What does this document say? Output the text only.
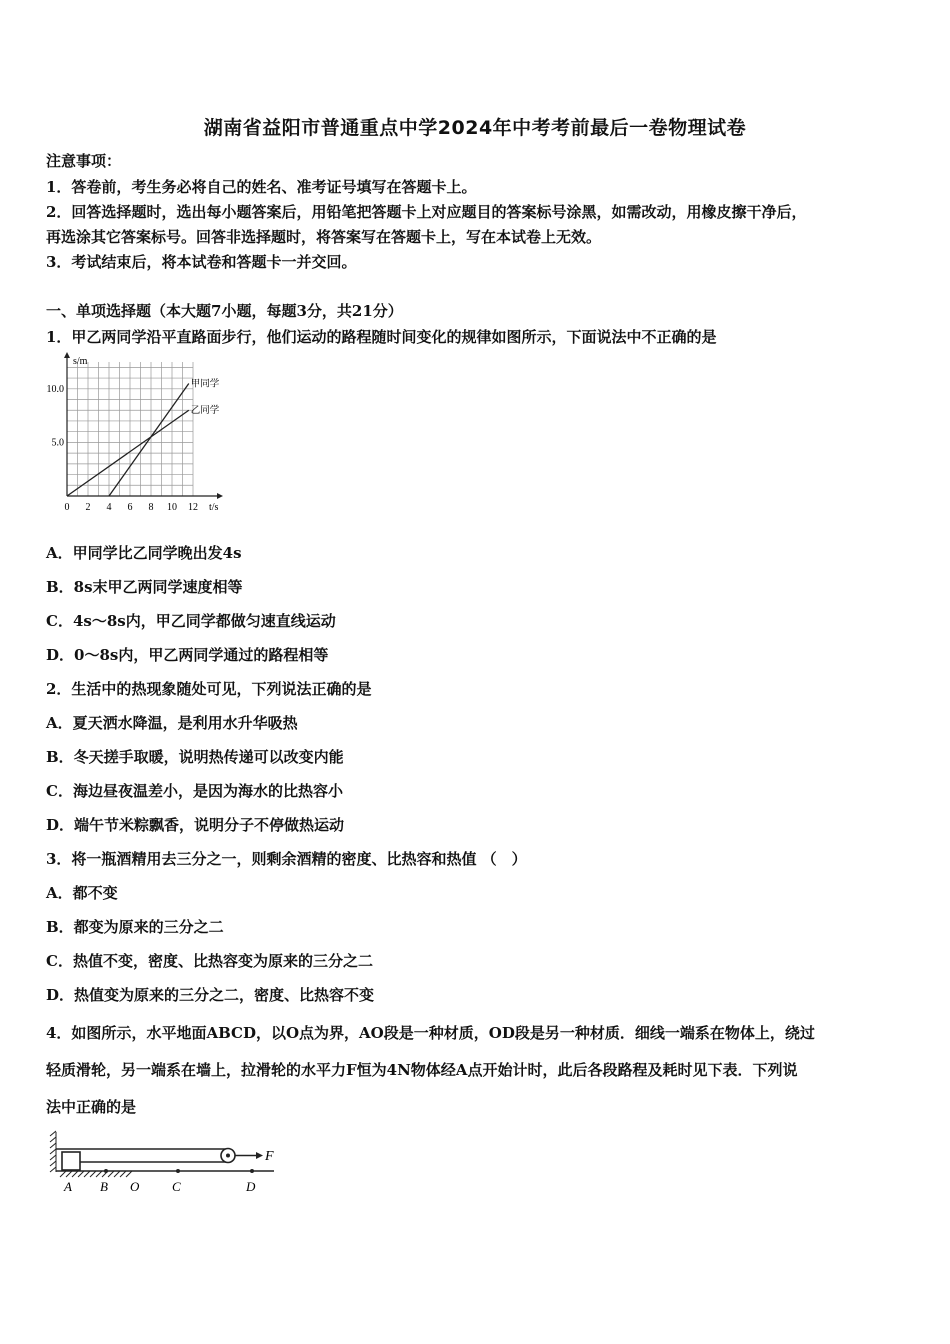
湖南省益阳市普通重点中学2024年中考考前最后一卷物理试卷
注意事项：
1．答卷前，考生务必将自己的姓名、准考证号填写在答题卡上。
2．回答选择题时，选出每小题答案后，用铅笔把答题卡上对应题目的答案标号涂黑，如需改动，用橡皮擦干净后，
再选涂其它答案标号。回答非选择题时，将答案写在答题卡上，写在本试卷上无效。
3．考试结束后，将本试卷和答题卡一并交回。
一、单项选择题（本大题7小题，每题3分，共21分）
1．甲乙两同学沿平直路面步行，他们运动的路程随时间变化的规律如图所示，下面说法中不正确的是
0 2 4 6 8 10 12
5.0
10.0
t/s
s/m
甲同学
乙同学
A．甲同学比乙同学晚出发4s
B．8s末甲乙两同学速度相等
C．4s～8s内，甲乙同学都做匀速直线运动
D．0～8s内，甲乙两同学通过的路程相等
2．生活中的热现象随处可见，下列说法正确的是
A．夏天洒水降温，是利用水升华吸热
B．冬天搓手取暖，说明热传递可以改变内能
C．海边昼夜温差小，是因为海水的比热容小
D．端午节米粽飘香，说明分子不停做热运动
3．将一瓶酒精用去三分之一，则剩余酒精的密度、比热容和热值 （　）
A．都不变
B．都变为原来的三分之二
C．热值不变，密度、比热容变为原来的三分之二
D．热值变为原来的三分之二，密度、比热容不变
4．如图所示，水平地面ABCD，以O点为界，AO段是一种材质，OD段是另一种材质．细线一端系在物体上，绕过
轻质滑轮，另一端系在墙上，拉滑轮的水平力F恒为4N物体经A点开始计时，此后各段路程及耗时见下表．下列说
法中正确的是
F
A B O	C	D
